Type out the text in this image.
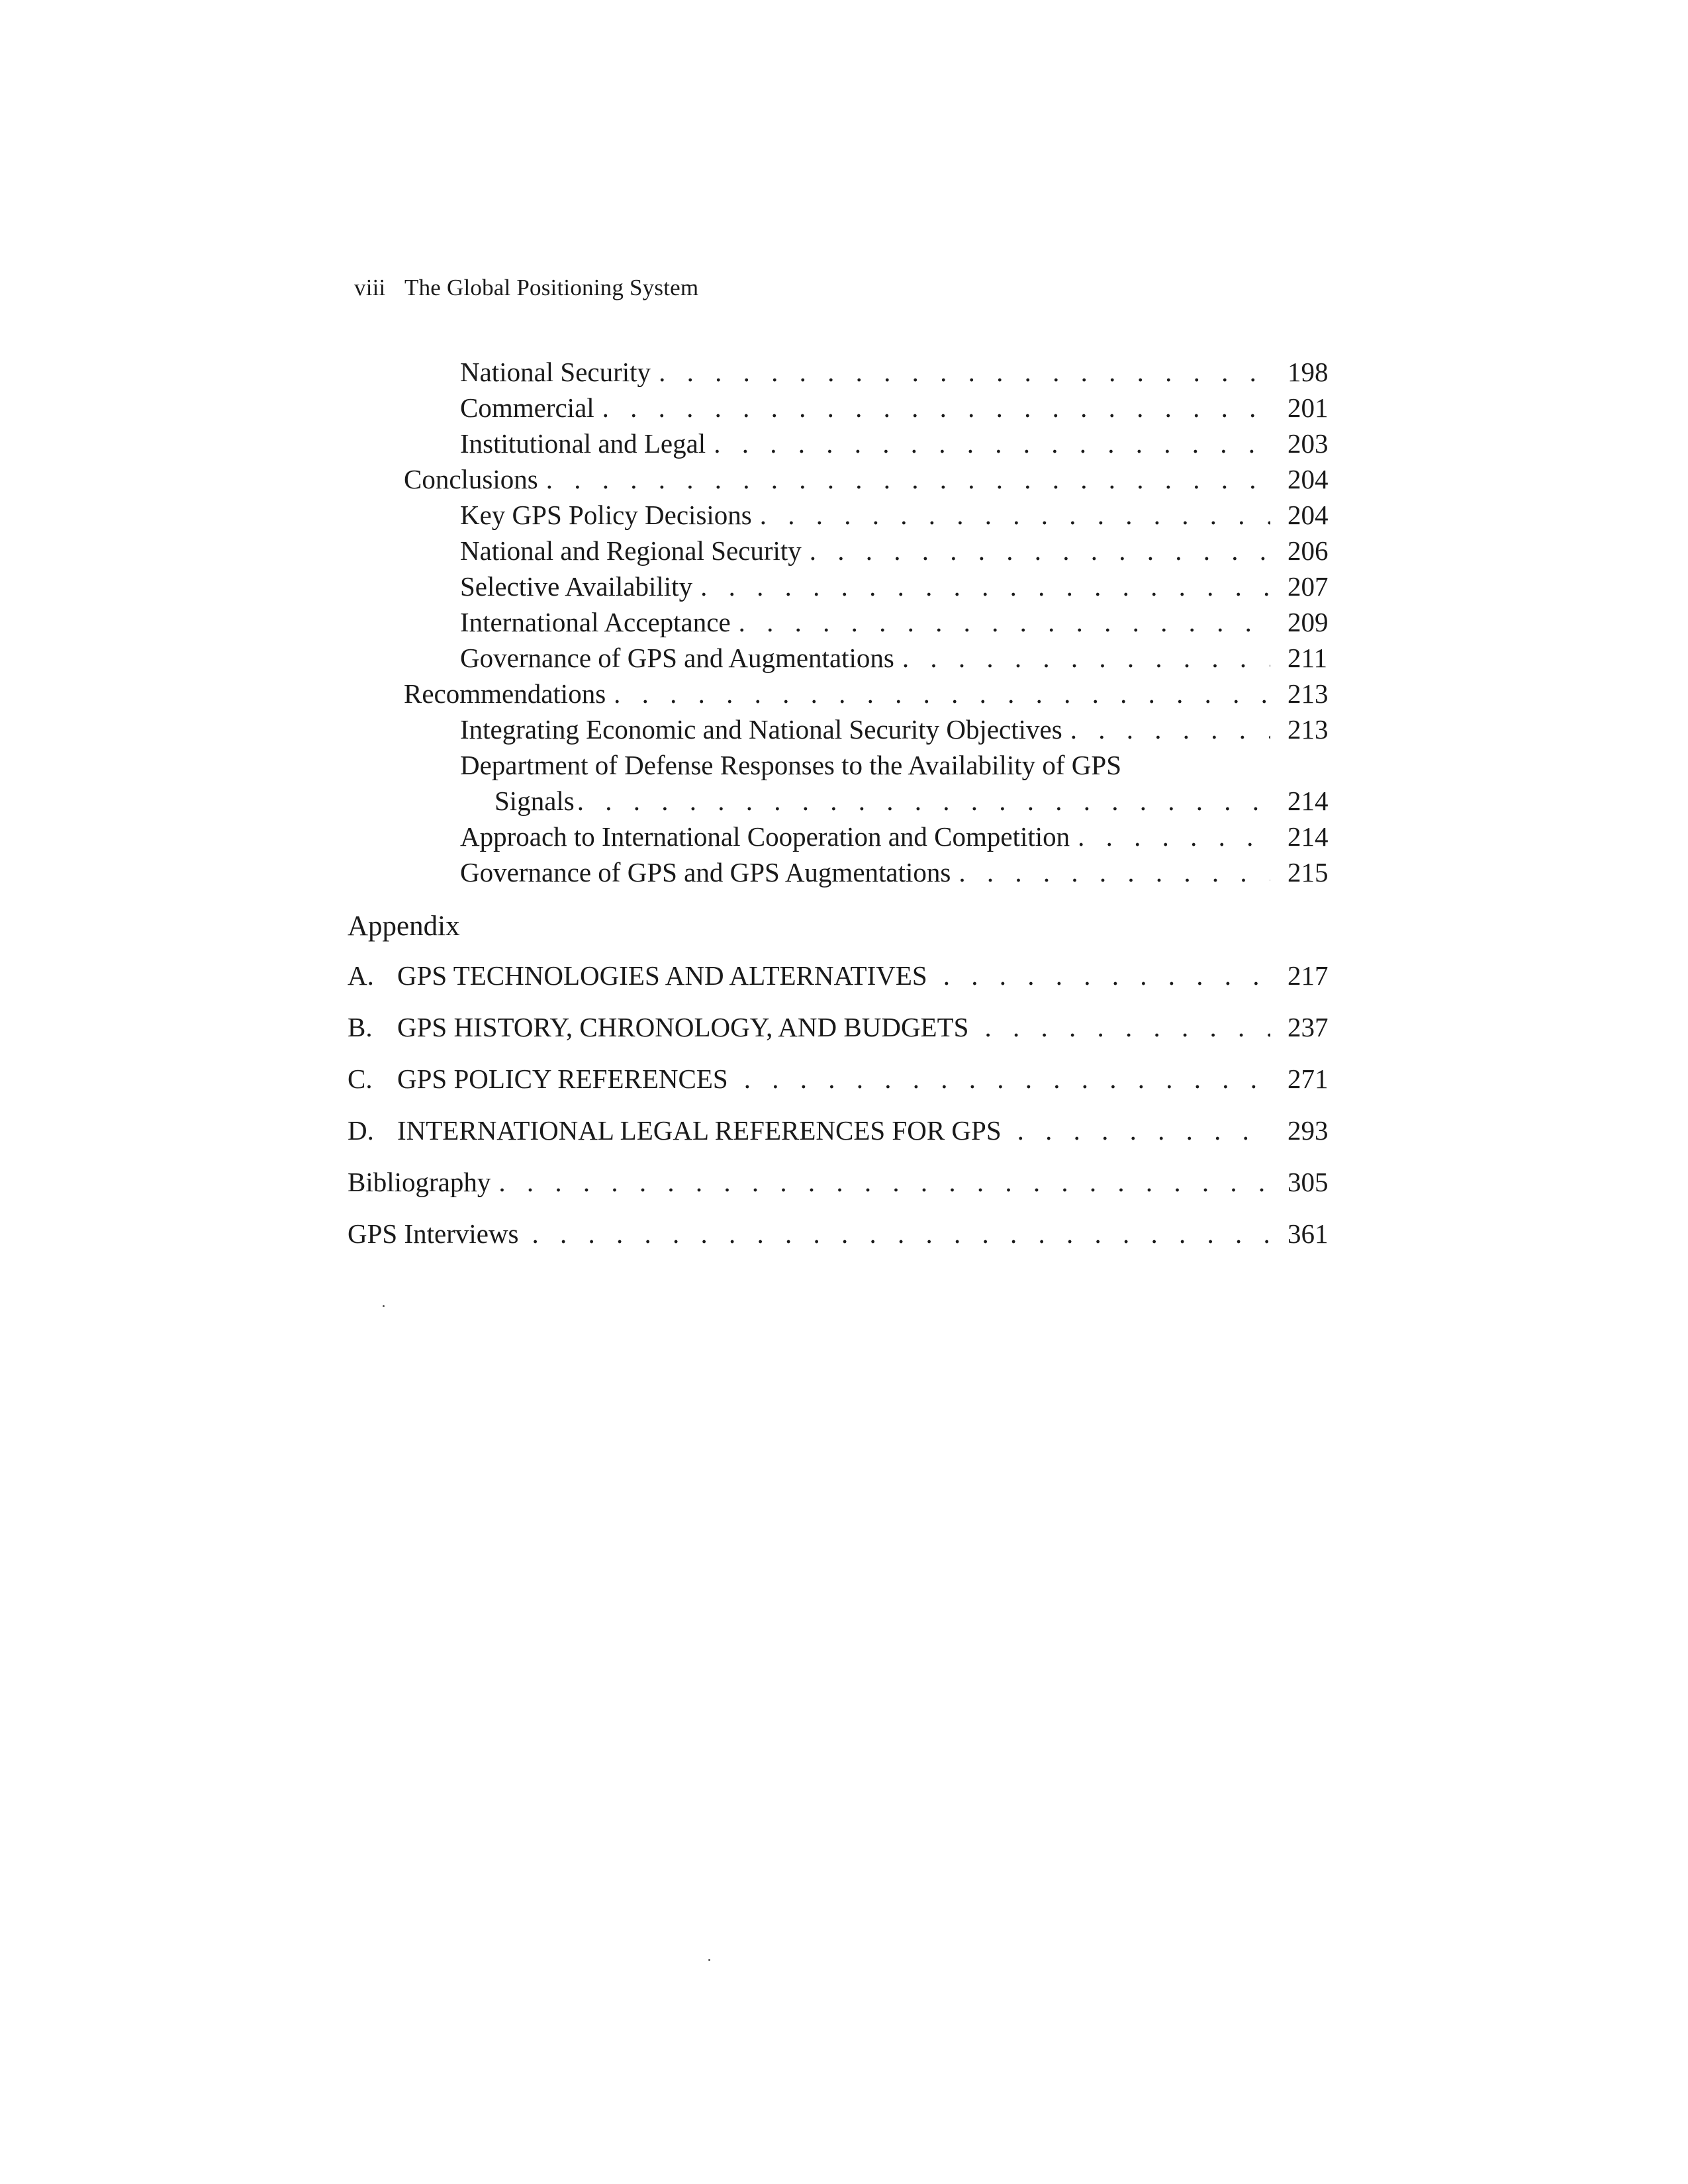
viii The Global Positioning System
National Security . . .	198
Commercial . . .	201
Institutional and Legal . . .	203
Conclusions . . .	204
Key GPS Policy Decisions . . .	204
National and Regional Security . . .	206
Selective Availability . . .	207
International Acceptance . . .	209
Governance of GPS and Augmentations . . .	211
Recommendations . . .	213
Integrating Economic and National Security Objectives . . .	213
Department of Defense Responses to the Availability of GPS
Signals . . .	214
Approach to International Cooperation and Competition . . .	214
Governance of GPS and GPS Augmentations . . .	215
Appendix
A. GPS TECHNOLOGIES AND ALTERNATIVES . . .	217
B. GPS HISTORY, CHRONOLOGY, AND BUDGETS . . .	237
C. GPS POLICY REFERENCES . . .	271
D. INTERNATIONAL LEGAL REFERENCES FOR GPS . . .	293
Bibliography . . .	305
GPS Interviews . . .	361
